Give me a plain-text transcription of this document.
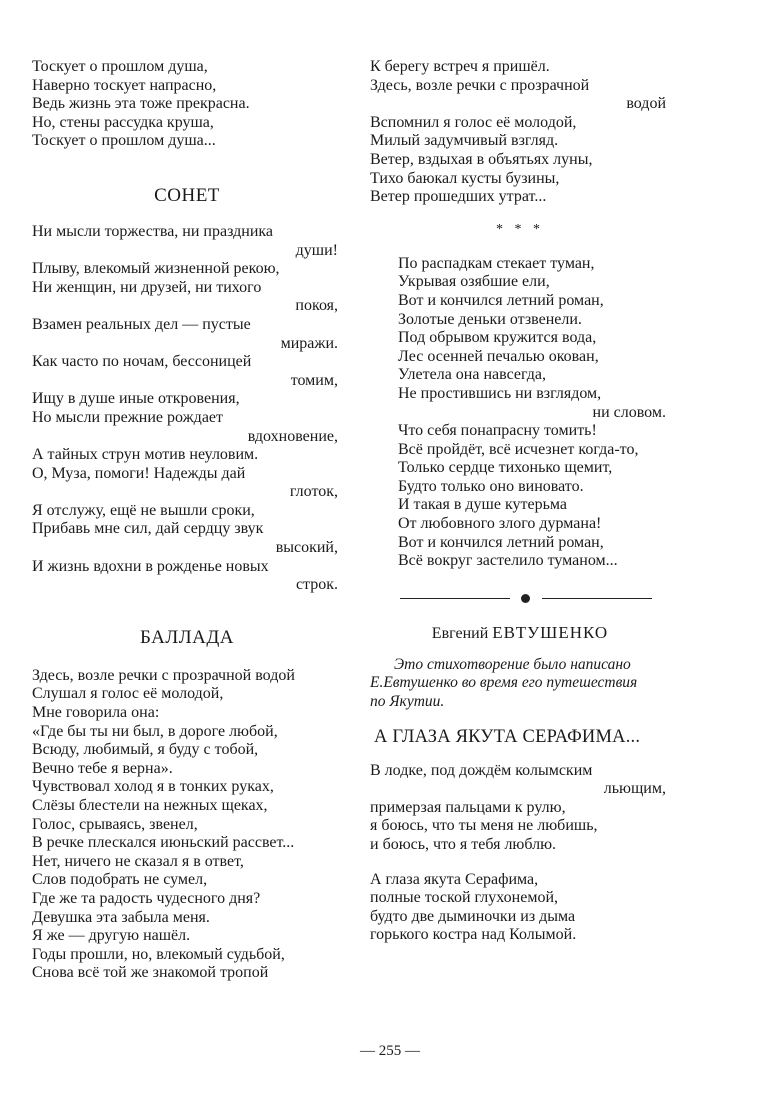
Тоскует о прошлом душа,
Наверно тоскует напрасно,
Ведь жизнь эта тоже прекрасна.
Но, стены рассудка круша,
Тоскует о прошлом душа...
СОНЕТ
Ни мысли торжества, ни праздника
души!
Плыву, влекомый жизненной рекою,
Ни женщин, ни друзей, ни тихого
покоя,
Взамен реальных дел — пустые
миражи.
Как часто по ночам, бессоницей
томим,
Ищу в душе иные откровения,
Но мысли прежние рождает
вдохновение,
А тайных струн мотив неуловим.
О, Муза, помоги! Надежды дай
глоток,
Я отслужу, ещё не вышли сроки,
Прибавь мне сил, дай сердцу звук
высокий,
И жизнь вдохни в рожденье новых
строк.
БАЛЛАДА
Здесь, возле речки с прозрачной водой
Слушал я голос её молодой,
Мне говорила она:
«Где бы ты ни был, в дороге любой,
Всюду, любимый, я буду с тобой,
Вечно тебе я верна».
Чувствовал холод я в тонких руках,
Слёзы блестели на нежных щеках,
Голос, срываясь, звенел,
В речке плескался июньский рассвет...
Нет, ничего не сказал я в ответ,
Слов подобрать не сумел,
Где же та радость чудесного дня?
Девушка эта забыла меня.
Я же — другую нашёл.
Годы прошли, но, влекомый судьбой,
Снова всё той же знакомой тропой
К берегу встреч я пришёл.
Здесь, возле речки с прозрачной
водой
Вспомнил я голос её молодой,
Милый задумчивый взгляд.
Ветер, вздыхая в объятьях луны,
Тихо баюкал кусты бузины,
Ветер прошедших утрат...
* * *
По распадкам стекает туман,
Укрывая озябшие ели,
Вот и кончился летний роман,
Золотые деньки отзвенели.
Под обрывом кружится вода,
Лес осенней печалью окован,
Улетела она навсегда,
Не простившись ни взглядом,
ни словом.
Что себя понапрасну томить!
Всё пройдёт, всё исчезнет когда-то,
Только сердце тихонько щемит,
Будто только оно виновато.
И такая в душе кутерьма
От любовного злого дурмана!
Вот и кончился летний роман,
Всё вокруг застелило туманом...
Евгений ЕВТУШЕНКО
Это стихотворение было написано
Е.Евтушенко во время его путешествия
по Якутии.
А ГЛАЗА ЯКУТА СЕРАФИМА...
В лодке, под дождём колымским
льющим,
примерзая пальцами к рулю,
я боюсь, что ты меня не любишь,
и боюсь, что я тебя люблю.
А глаза якута Серафима,
полные тоской глухонемой,
будто две дыминочки из дыма
горького костра над Колымой.
— 255 —
